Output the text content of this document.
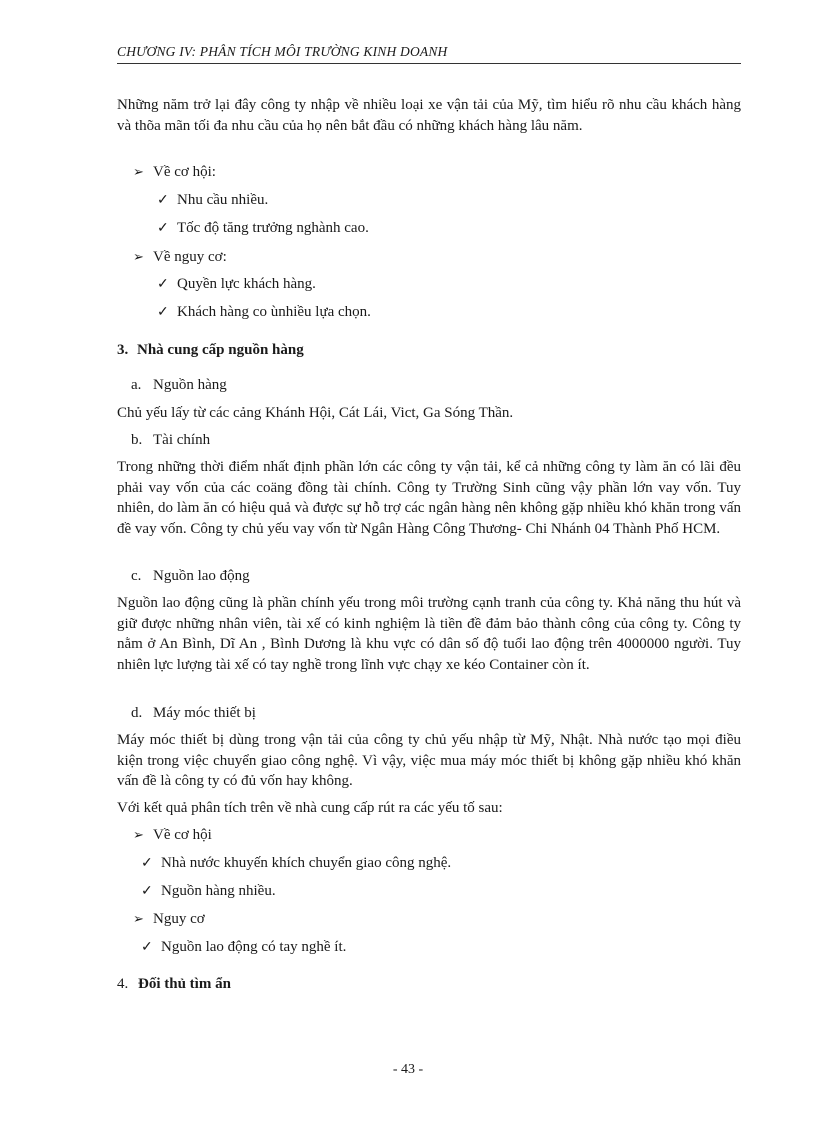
CHƯƠNG IV: PHÂN TÍCH MÔI TRƯỜNG KINH DOANH

Những năm trở lại đây công ty nhập về nhiều loại xe vận tải của Mỹ, tìm hiểu rõ nhu cầu khách hàng và thõa mãn tối đa nhu cầu của họ nên bắt đầu có những khách hàng lâu năm.

➢ Về cơ hội:
✓ Nhu cầu nhiều.
✓ Tốc độ tăng trưởng nghành cao.
➢ Về nguy cơ:
✓ Quyền lực khách hàng.
✓ Khách hàng co ùnhiều lựa chọn.
3. Nhà cung cấp nguồn hàng
a. Nguồn hàng

Chủ yếu lấy từ các cảng Khánh Hội, Cát Lái, Vict, Ga Sóng Thần.

b. Tài chính

Trong những thời điểm nhất định phần lớn các công ty vận tải, kể cả những công ty làm ăn có lãi đều phải vay vốn của các coäng đồng tài chính. Công ty Trường Sinh cũng vậy phần lớn vay vốn. Tuy nhiên, do làm ăn có hiệu quả và được sự hỗ trợ các ngân hàng nên không gặp nhiều khó khăn trong vấn đề vay vốn. Công ty chủ yếu vay vốn từ Ngân Hàng Công Thương- Chi Nhánh 04 Thành Phố HCM.

c. Nguồn lao động

Nguồn lao động cũng là phần chính yếu trong môi trường cạnh tranh của công ty. Khả năng thu hút và giữ được những nhân viên, tài xế có kinh nghiệm là tiền đề đảm bảo thành công của công ty. Công ty nằm ở An Bình, Dĩ An , Bình Dương là khu vực có dân số độ tuổi lao động trên 4000000 người. Tuy nhiên lực lượng tài xế có tay nghề trong lĩnh vực chạy xe kéo Container còn ít.

d. Máy móc thiết bị

Máy móc thiết bị dùng trong vận tải của công ty chủ yếu nhập từ Mỹ, Nhật. Nhà nước tạo mọi điều kiện trong việc chuyển giao công nghệ. Vì vậy, việc mua máy móc thiết bị không gặp nhiều khó khăn vấn đề là công ty có đủ vốn hay không.

Với kết quả phân tích trên về nhà cung cấp rút ra các yếu tố sau:

➢ Về cơ hội
✓ Nhà nước khuyến khích chuyển giao công nghệ.
✓ Nguồn hàng nhiều.
➢ Nguy cơ
✓ Nguồn lao động có tay nghề ít.
4. Đối thủ tìm ẩn
- 43 -
